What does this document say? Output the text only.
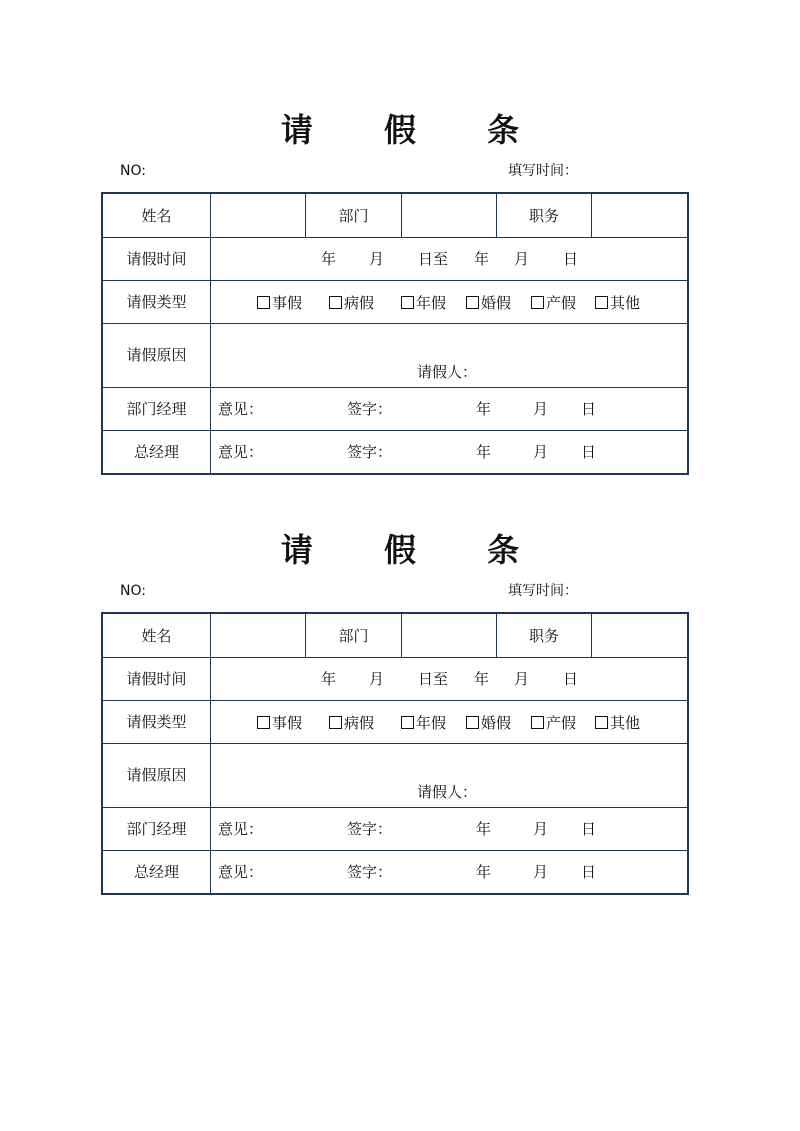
请 假 条
NO:	填写时间：
姓名	部门	职务
请假时间	年 月 日至 年 月 日
请假类型	事假	病假	年假	婚假	产假	其他
请假原因
请假人：
部门经理	意见：	签字：	年	月 日
总经理	意见：	签字：	年	月 日
请 假 条
NO:	填写时间：
姓名	部门	职务
请假时间	年 月 日至 年 月 日
请假类型	事假	病假	年假	婚假	产假	其他
请假原因
请假人：
部门经理	意见：	签字：	年	月 日
总经理	意见：	签字：	年	月 日
